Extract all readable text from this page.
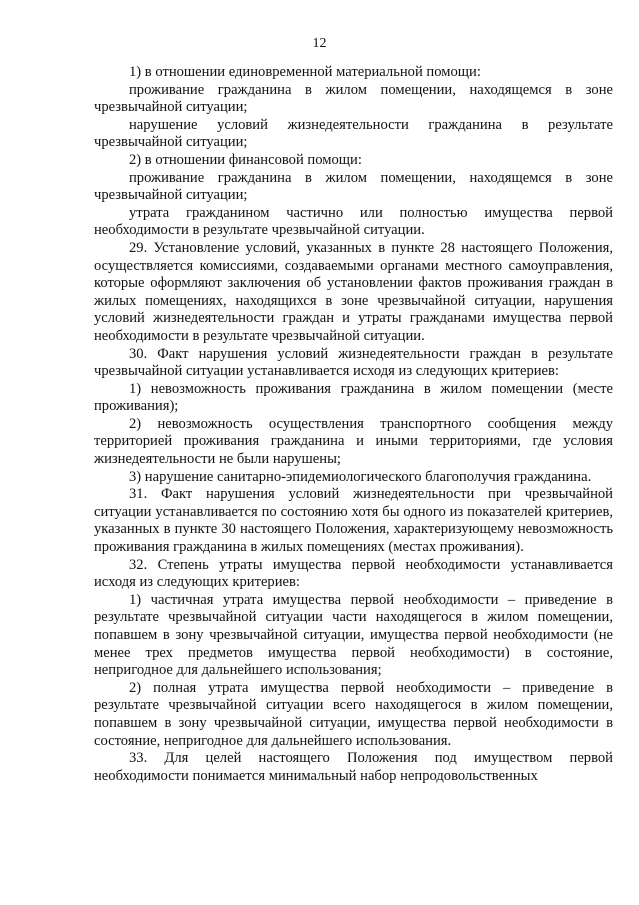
12

1) в отношении единовременной материальной помощи:

проживание гражданина в жилом помещении, находящемся в зоне чрезвычайной ситуации;

нарушение условий жизнедеятельности гражданина в результате чрезвычайной ситуации;

2) в отношении финансовой помощи:

проживание гражданина в жилом помещении, находящемся в зоне чрезвычайной ситуации;

утрата гражданином частично или полностью имущества первой необходимости в результате чрезвычайной ситуации.

29. Установление условий, указанных в пункте 28 настоящего Положения, осуществляется комиссиями, создаваемыми органами местного самоуправления, которые оформляют заключения об установлении фактов проживания граждан в жилых помещениях, находящихся в зоне чрезвычайной ситуации, нарушения условий жизнедеятельности граждан и утраты гражданами имущества первой необходимости в результате чрезвычайной ситуации.

30. Факт нарушения условий жизнедеятельности граждан в результате чрезвычайной ситуации устанавливается исходя из следующих критериев:

1) невозможность проживания гражданина в жилом помещении (месте проживания);

2) невозможность осуществления транспортного сообщения между территорией проживания гражданина и иными территориями, где условия жизнедеятельности не были нарушены;

3) нарушение санитарно-эпидемиологического благополучия гражданина.

31. Факт нарушения условий жизнедеятельности при чрезвычайной ситуации устанавливается по состоянию хотя бы одного из показателей критериев, указанных в пункте 30 настоящего Положения, характеризующему невозможность проживания гражданина в жилых помещениях (местах проживания).

32. Степень утраты имущества первой необходимости устанавливается исходя из следующих критериев:

1) частичная утрата имущества первой необходимости – приведение в результате чрезвычайной ситуации части находящегося в жилом помещении, попавшем в зону чрезвычайной ситуации, имущества первой необходимости (не менее трех предметов имущества первой необходимости) в состояние, непригодное для дальнейшего использования;

2) полная утрата имущества первой необходимости – приведение в результате чрезвычайной ситуации всего находящегося в жилом помещении, попавшем в зону чрезвычайной ситуации, имущества первой необходимости в состояние, непригодное для дальнейшего использования.

33. Для целей настоящего Положения под имуществом первой необходимости понимается минимальный набор непродовольственных
